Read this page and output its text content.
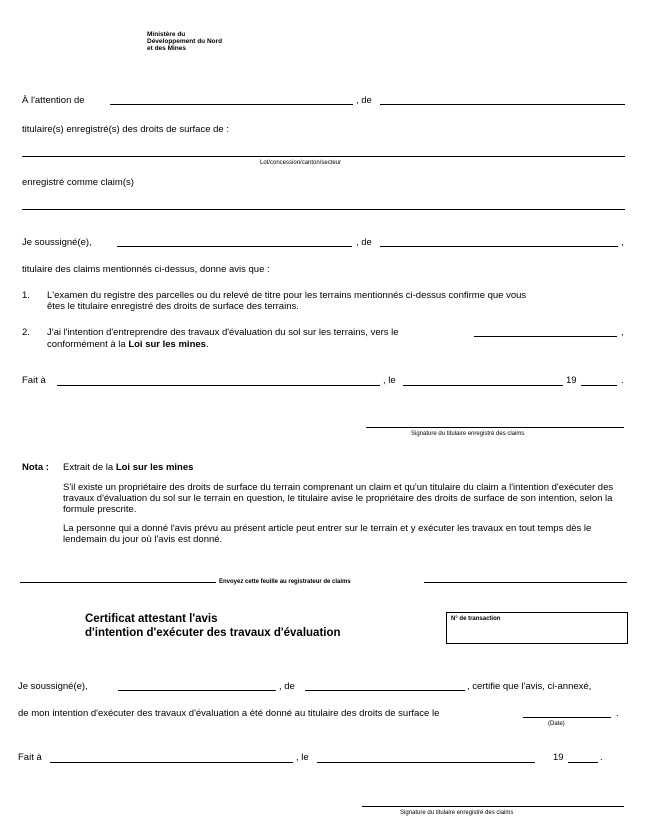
Ministère du
Développement du Nord
et des Mines
À l'attention de	, de
titulaire(s) enregistré(s) des droits de surface de :
Lot/concession/canton/secteur
enregistré comme claim(s)
Je soussigné(e),	, de	,
titulaire des claims mentionnés ci-dessus, donne avis que :
1. L'examen du registre des parcelles ou du relevé de titre pour les terrains mentionnés ci-dessus confirme que vous
êtes le titulaire enregistré des droits de surface des terrains.
2. J'ai l'intention d'entreprendre des travaux d'évaluation du sol sur les terrains, vers le	,
conformément à la Loi sur les mines.
Fait à	, le	19	.
Signature du titulaire enregistré des claims
Nota : Extrait de la Loi sur les mines
S'il existe un propriétaire des droits de surface du terrain comprenant un claim et qu'un titulaire du claim a l'intention d'exécuter des travaux d'évaluation du sol sur le terrain en question, le titulaire avise le propriétaire des droits de surface de son intention, selon la formule prescrite.
La personne qui a donné l'avis prévu au présent article peut entrer sur le terrain et y exécuter les travaux en tout temps dès le lendemain du jour où l'avis est donné.
Envoyez cette feuille au registrateur de claims
Certificat attestant l'avis
d'intention d'exécuter des travaux d'évaluation
N° de transaction
Je soussigné(e),	, de	, certifie que l'avis, ci-annexé,
de mon intention d'exécuter des travaux d'évaluation a été donné au titulaire des droits de surface le	.
(Date)
Fait à	, le	19	.
Signature du titulaire enregistré des claims
